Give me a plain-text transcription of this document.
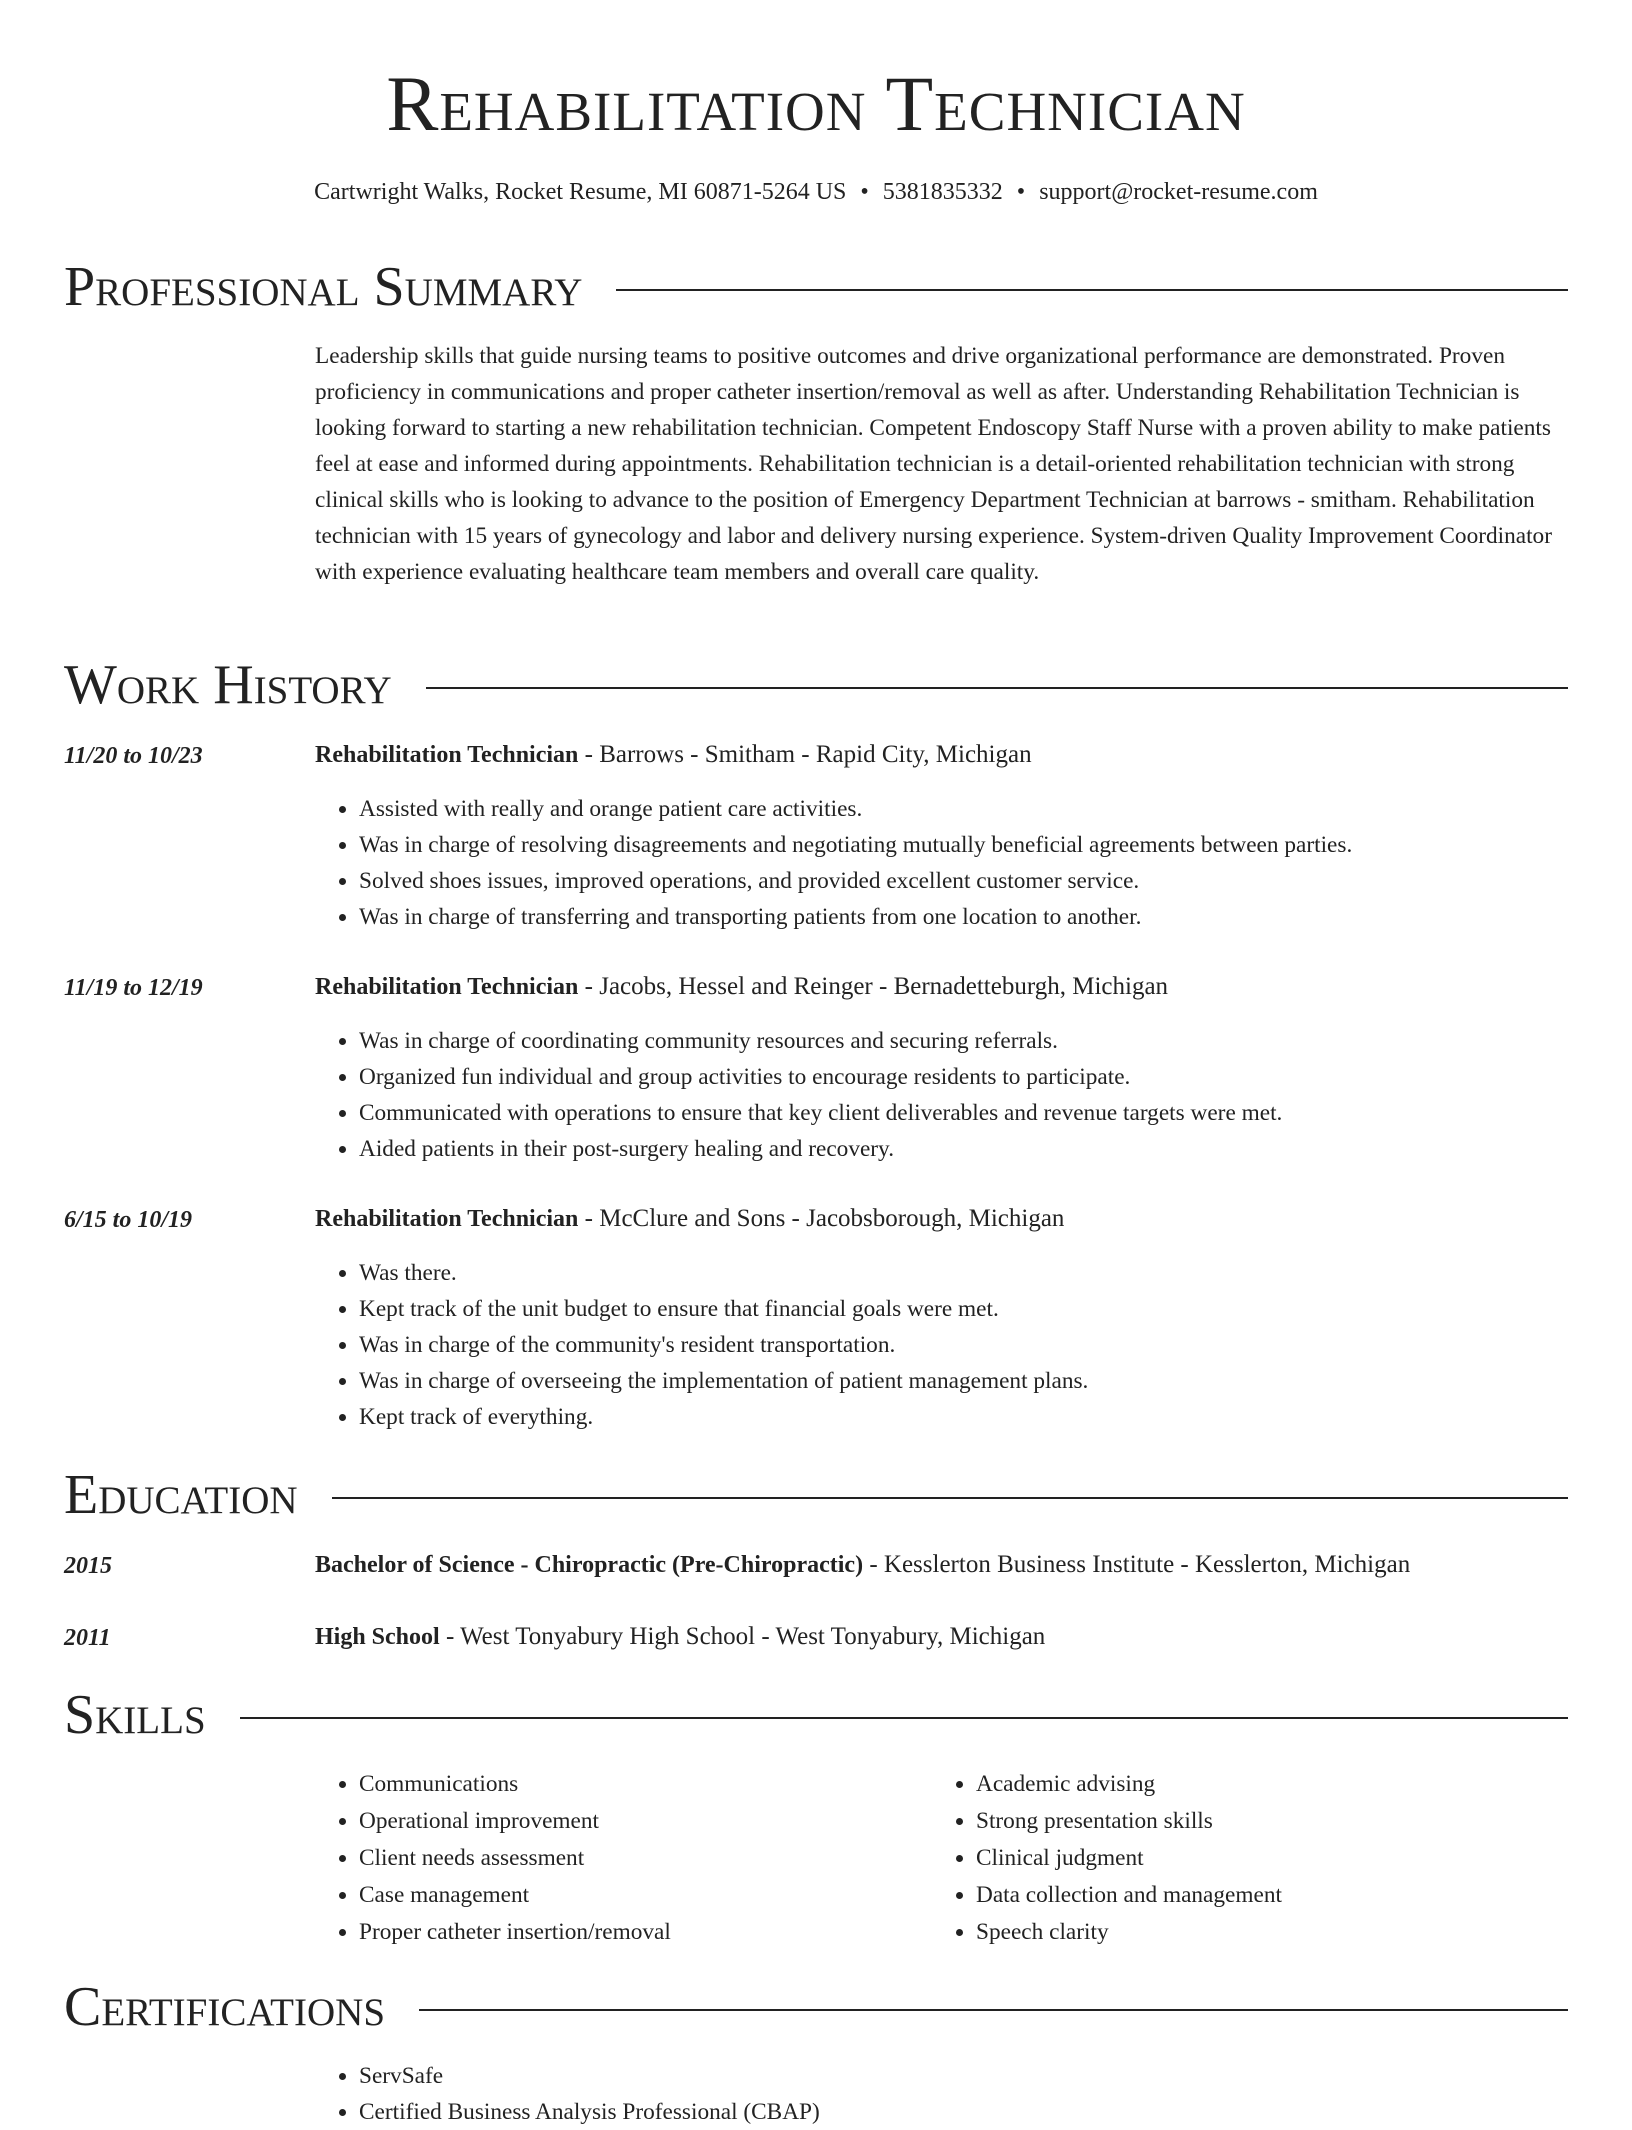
Rehabilitation Technician
Cartwright Walks, Rocket Resume, MI 60871-5264 US • 5381835332 • support@rocket-resume.com
Professional Summary
Leadership skills that guide nursing teams to positive outcomes and drive organizational performance are demonstrated. Proven proficiency in communications and proper catheter insertion/removal as well as after. Understanding Rehabilitation Technician is looking forward to starting a new rehabilitation technician. Competent Endoscopy Staff Nurse with a proven ability to make patients feel at ease and informed during appointments. Rehabilitation technician is a detail-oriented rehabilitation technician with strong clinical skills who is looking to advance to the position of Emergency Department Technician at barrows - smitham. Rehabilitation technician with 15 years of gynecology and labor and delivery nursing experience. System-driven Quality Improvement Coordinator with experience evaluating healthcare team members and overall care quality.
Work History
11/20 to 10/23	Rehabilitation Technician - Barrows - Smitham - Rapid City, Michigan
• Assisted with really and orange patient care activities.
• Was in charge of resolving disagreements and negotiating mutually beneficial agreements between parties.
• Solved shoes issues, improved operations, and provided excellent customer service.
• Was in charge of transferring and transporting patients from one location to another.
11/19 to 12/19	Rehabilitation Technician - Jacobs, Hessel and Reinger - Bernadetteburgh, Michigan
• Was in charge of coordinating community resources and securing referrals.
• Organized fun individual and group activities to encourage residents to participate.
• Communicated with operations to ensure that key client deliverables and revenue targets were met.
• Aided patients in their post-surgery healing and recovery.
6/15 to 10/19	Rehabilitation Technician - McClure and Sons - Jacobsborough, Michigan
• Was there.
• Kept track of the unit budget to ensure that financial goals were met.
• Was in charge of the community's resident transportation.
• Was in charge of overseeing the implementation of patient management plans.
• Kept track of everything.
Education
2015	Bachelor of Science - Chiropractic (Pre-Chiropractic) - Kesslerton Business Institute - Kesslerton, Michigan
2011	High School - West Tonyabury High School - West Tonyabury, Michigan
Skills
• Communications
• Operational improvement
• Client needs assessment
• Case management
• Proper catheter insertion/removal
• Academic advising
• Strong presentation skills
• Clinical judgment
• Data collection and management
• Speech clarity
Certifications
• ServSafe
• Certified Business Analysis Professional (CBAP)
